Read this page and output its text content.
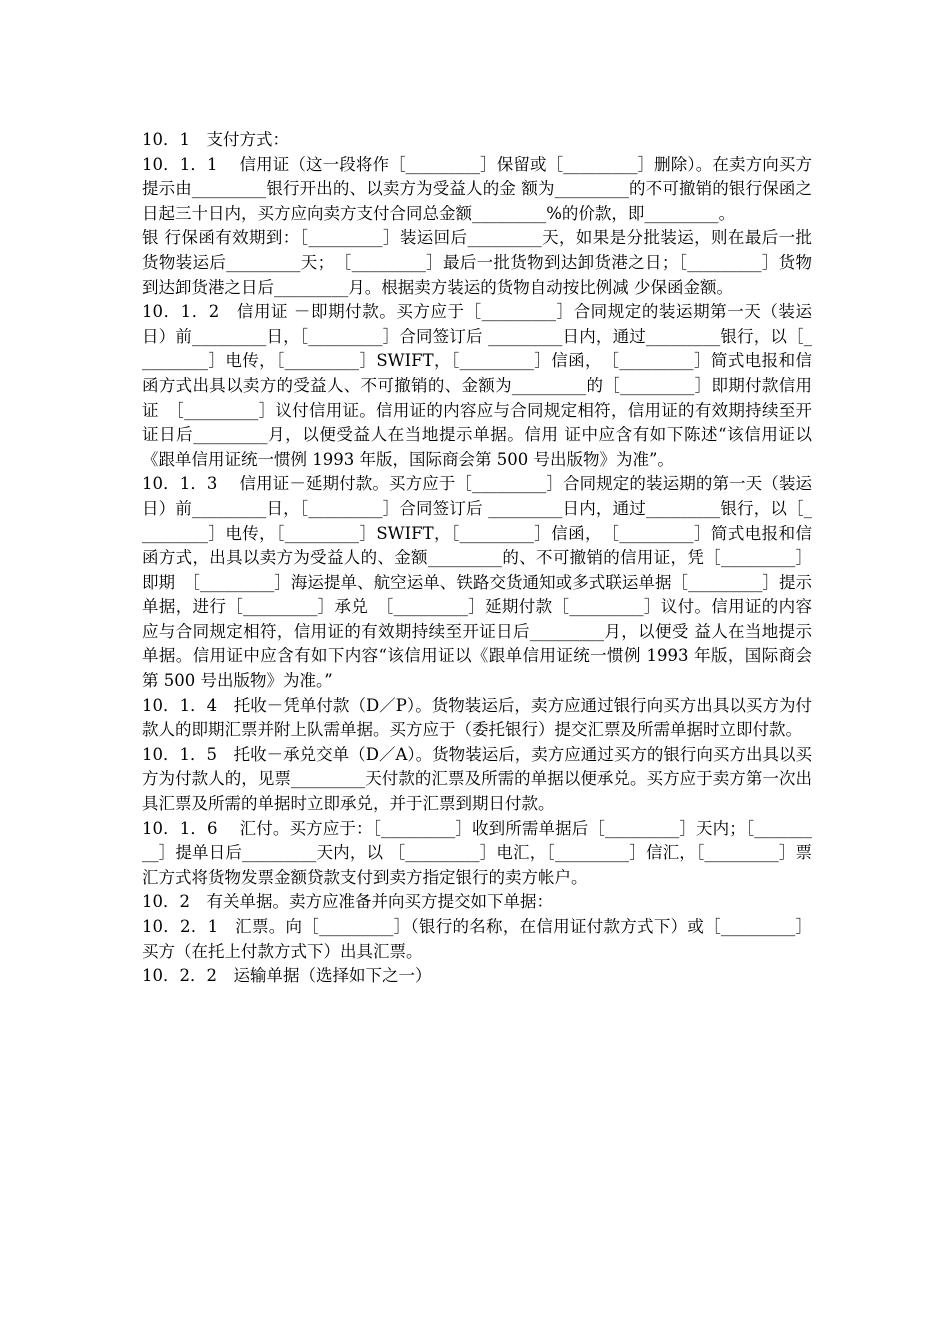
10．1　支付方式：

10．1．1　 信用证（这一段将作［_________］保留或［_________］删除）。在卖方向买方提示由_________银行开出的、以卖方为受益人的金 额为_________的不可撤销的银行保函之日起三十日内，买方应向卖方支付合同总金额_________%的价款，即_________。

银 行保函有效期到：［_________］装运回后_________天，如果是分批装运，则在最后一批货物装运后_________天；　［_________］最后一批货物到达卸货港之日；［_________］货物到达卸货港之日后_________月。根据卖方装运的货物自动按比例减 少保函金额。

10．1．2　信用证 －即期付款。买方应于［_________］合同规定的装运期第一天（装运日）前_________日，［_________］合同签订后 _________日内，通过_________银行，以［_________］电传，［_________］SWIFT，［_________］信函，　［_________］简式电报和信函方式出具以卖方的受益人、不可撤销的、金额为_________的［_________］即期付款信用证　［_________］议付信用证。信用证的内容应与合同规定相符，信用证的有效期持续至开证日后_________月，以便受益人在当地提示单据。信用 证中应含有如下陈述“该信用证以《跟单信用证统一惯例 1993 年版，国际商会第 500 号出版物》为准”。

10．1．3　 信用证－延期付款。买方应于［_________］合同规定的装运期的第一天（装运日）前_________日，［_________］合同签订后 _________日内，通过_________银行，以［_________］电传，［_________］SWIFT，［_________］信函，　［_________］简式电报和信函方式，出具以卖方为受益人的、金额_________的、不可撤销的信用证，凭［_________］即期　［_________］海运提单、航空运单、铁路交货通知或多式联运单据［_________］提示单据，进行［_________］承兑　［_________］延期付款［_________］议付。信用证的内容应与合同规定相符，信用证的有效期持续至开证日后_________月，以便受 益人在当地提示单据。信用证中应含有如下内容“该信用证以《跟单信用证统一惯例 1993 年版，国际商会第 500 号出版物》为准。”

10．1．4　托收－凭单付款（D／P）。货物装运后，卖方应通过银行向买方出具以买方为付款人的即期汇票并附上队需单据。买方应于（委托银行）提交汇票及所需单据时立即付款。

10．1．5　托收－承兑交单（D／A）。货物装运后，卖方应通过买方的银行向买方出具以买方为付款人的，见票_________天付款的汇票及所需的单据以便承兑。买方应于卖方第一次出具汇票及所需的单据时立即承兑，并于汇票到期日付款。

10．1．6　 汇付。买方应于：［_________］收到所需单据后［_________］天内；［_________］提单日后_________天内，以 ［_________］电汇，［_________］信汇，［_________］票汇方式将货物发票金额贷款支付到卖方指定银行的卖方帐户。

10．2　有关单据。卖方应准备并向买方提交如下单据：

10．2．1　汇票。向［_________］（银行的名称，在信用证付款方式下）或［_________］买方（在托上付款方式下）出具汇票。

10．2．2　运输单据（选择如下之一）
